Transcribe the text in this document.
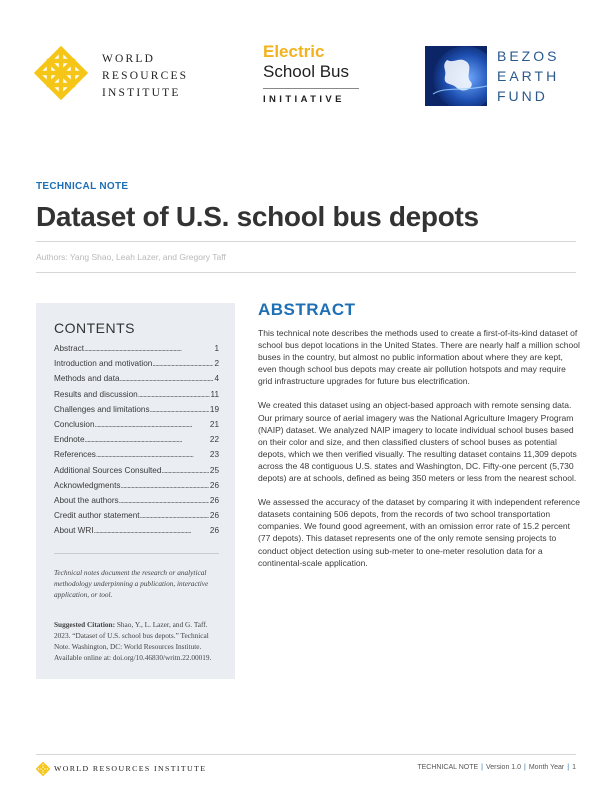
WORLD
RESOURCES
INSTITUTE
Electric
School Bus
INITIATIVE
BEZOS
EARTH
FUND
TECHNICAL NOTE
Dataset of U.S. school bus depots
Authors: Yang Shao, Leah Lazer, and Gregory Taff
CONTENTS
Abstract . . .	1
Introduction and motivation . . .	2
Methods and data . . .	4
Results and discussion . . .	11
Challenges and limitations . . .	19
Conclusion . . .	21
Endnote . . .	22
References . . .	23
Additional Sources Consulted . . .	25
Acknowledgments . . .	26
About the authors . . .	26
Credit author statement . . .	26
About WRI . . .	26

Technical notes document the research or analytical methodology underpinning a publication, interactive application, or tool.

Suggested Citation: Shao, Y., L. Lazer, and G. Taff. 2023. “Dataset of U.S. school bus depots.” Technical Note. Washington, DC: World Resources Institute. Available online at: doi.org/10.46830/writn.22.00019.

ABSTRACT

This technical note describes the methods used to create a first-of-its-kind dataset of school bus depot locations in the United States. There are nearly half a million school buses in the country, but almost no public information about where they are kept, even though school bus depots may create air pollution hotspots and may require grid infrastructure upgrades for future bus electrification.

We created this dataset using an object-based approach with remote sensing data. Our primary source of aerial imagery was the National Agriculture Imagery Program (NAIP) dataset. We analyzed NAIP imagery to locate individual school buses based on their color and size, and then classified clusters of school buses as potential depots, which we then verified visually. The resulting dataset contains 11,309 depots across the 48 contiguous U.S. states and Washington, DC. Fifty-one percent (5,730 depots) are at schools, defined as being 350 meters or less from the nearest school.

We assessed the accuracy of the dataset by comparing it with independent reference datasets containing 506 depots, from the records of two school transportation companies. We found good agreement, with an omission error rate of 15.2 percent (77 depots). This dataset represents one of the only remote sensing projects to conduct object detection using sub-meter to one-meter resolution data for a continental-scale application.

WORLD RESOURCES INSTITUTE	TECHNICAL NOTE | Version 1.0 | Month Year | 1
